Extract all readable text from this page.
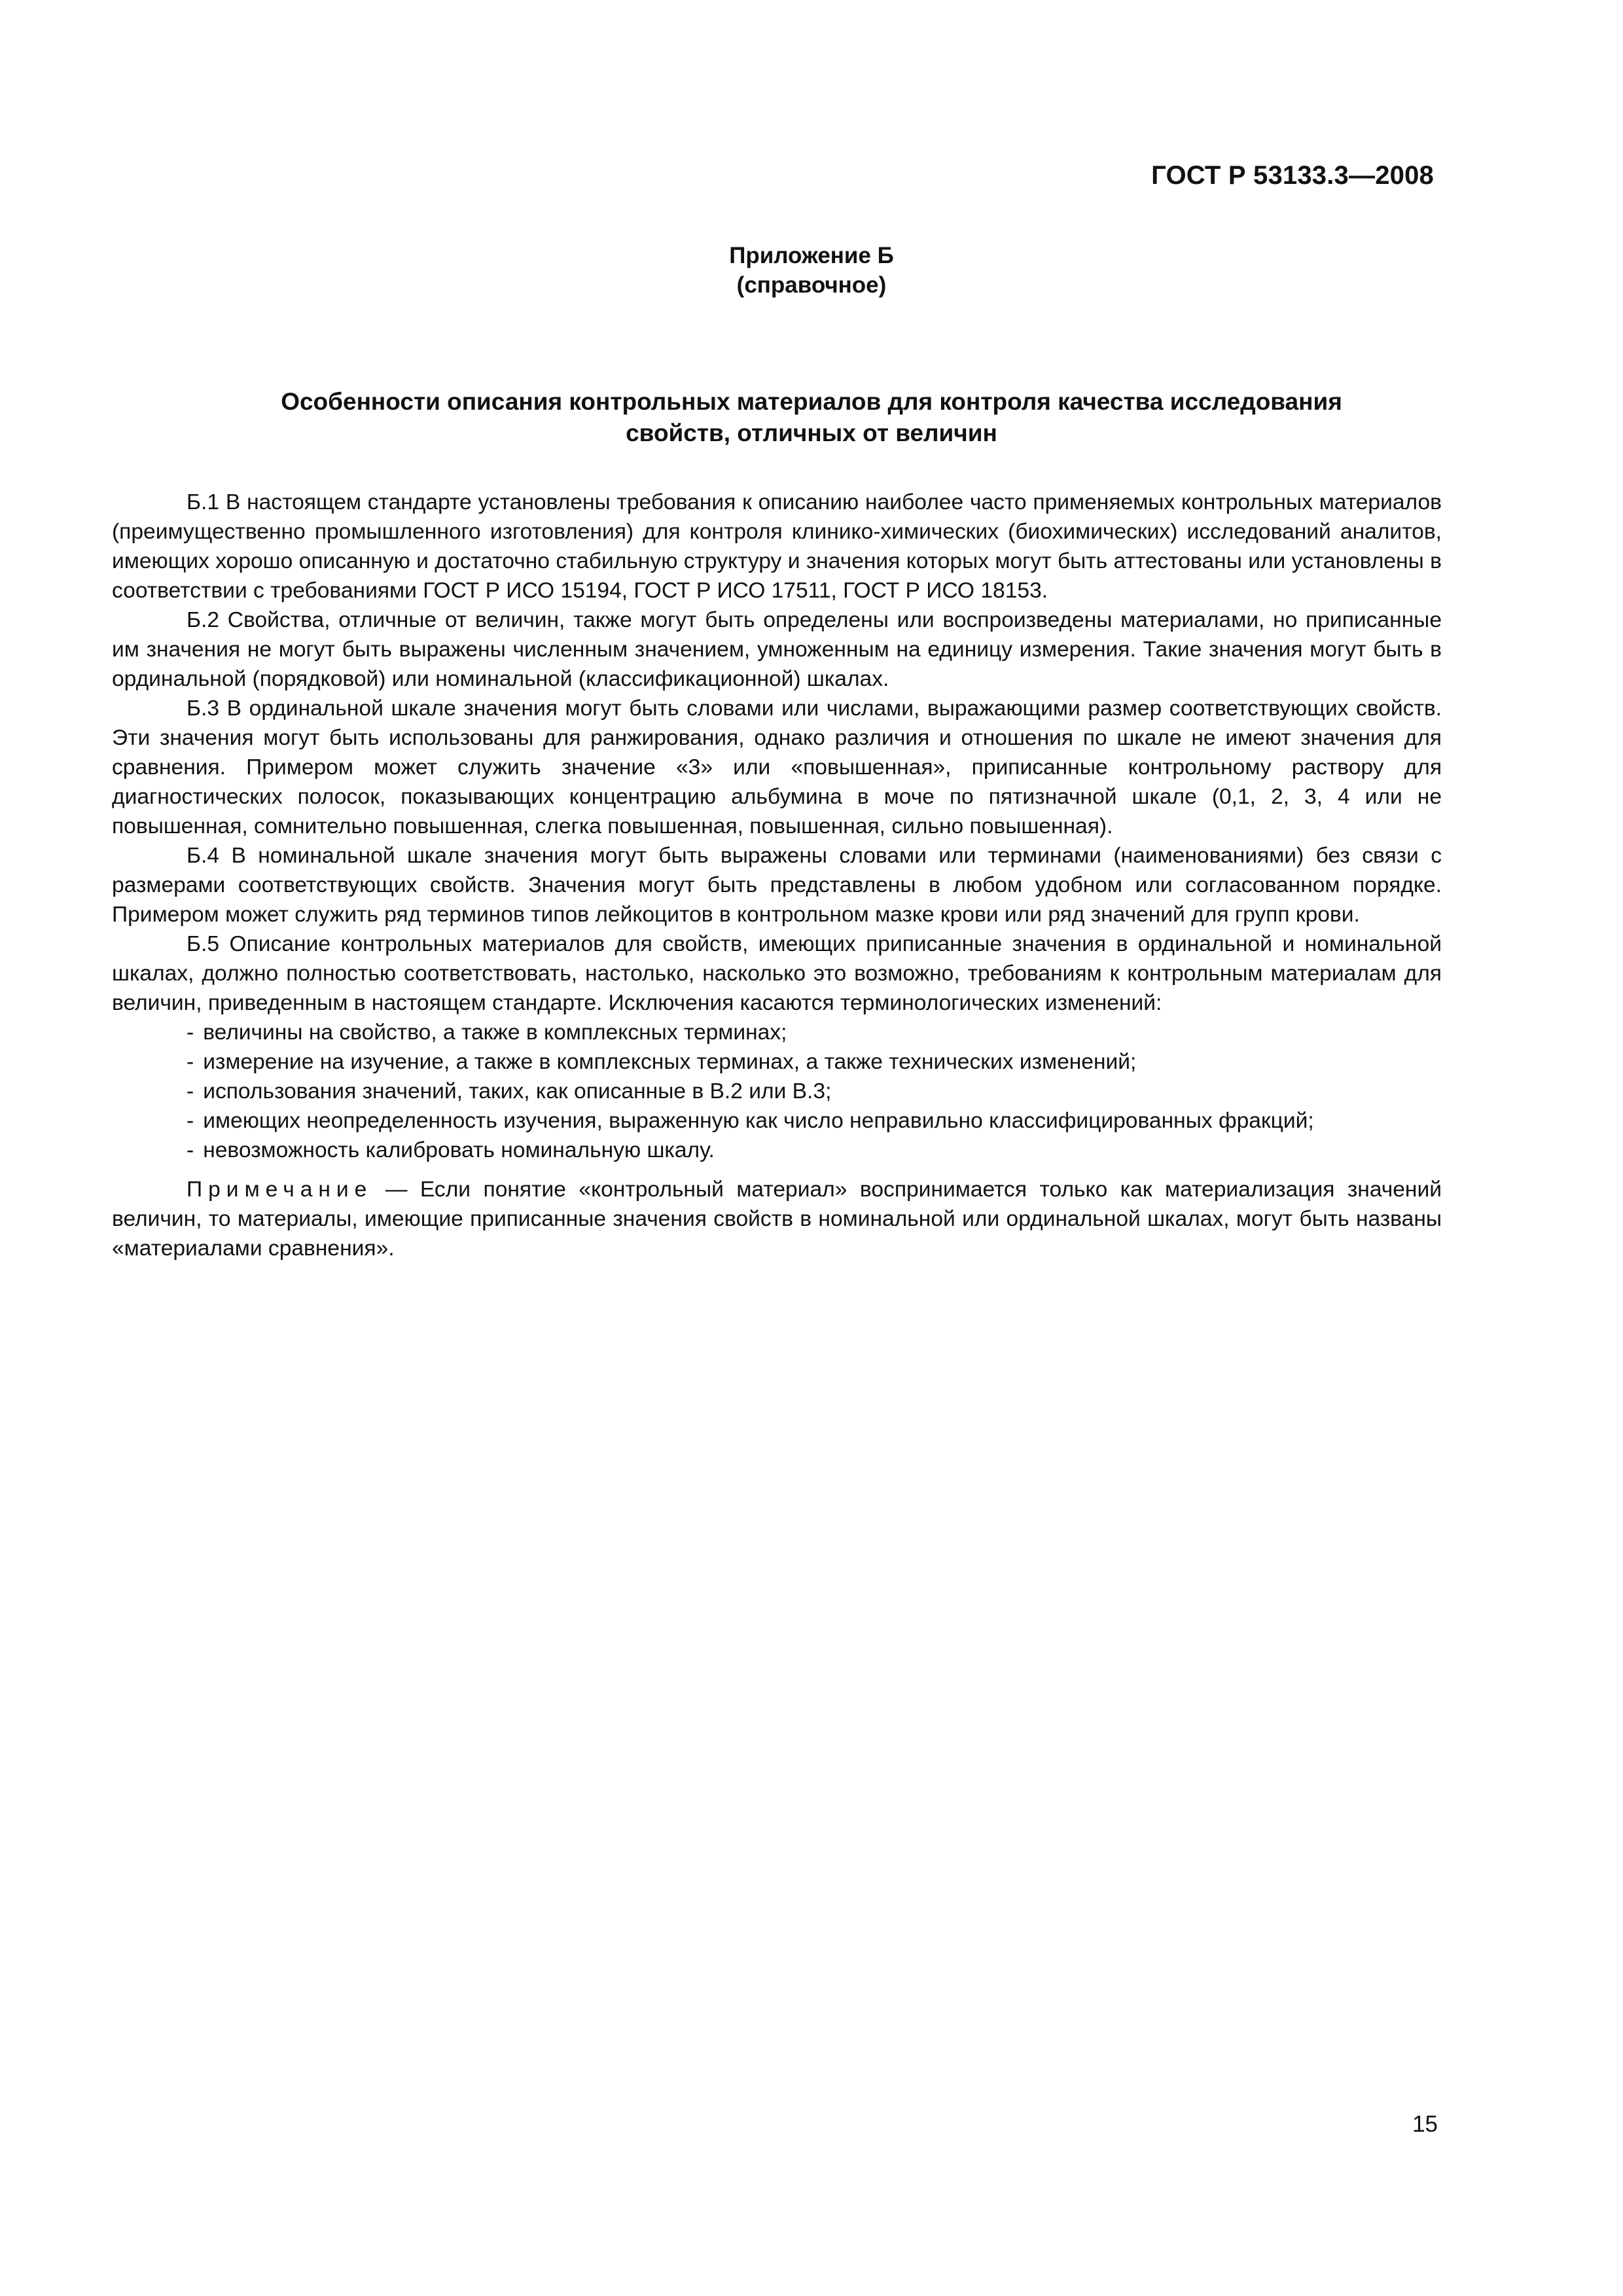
ГОСТ Р 53133.3—2008
Приложение Б
(справочное)
Особенности описания контрольных материалов для контроля качества исследования
свойств, отличных от величин

Б.1 В настоящем стандарте установлены требования к описанию наиболее часто применяемых контрольных материалов (преимущественно промышленного изготовления) для контроля клинико-химических (биохимических) исследований аналитов, имеющих хорошо описанную и достаточно стабильную структуру и значения которых могут быть аттестованы или установлены в соответствии с требованиями ГОСТ Р ИСО 15194, ГОСТ Р ИСО 17511, ГОСТ Р ИСО 18153.

Б.2 Свойства, отличные от величин, также могут быть определены или воспроизведены материалами, но приписанные им значения не могут быть выражены численным значением, умноженным на единицу измерения. Такие значения могут быть в ординальной (порядковой) или номинальной (классификационной) шкалах.

Б.3 В ординальной шкале значения могут быть словами или числами, выражающими размер соответствующих свойств. Эти значения могут быть использованы для ранжирования, однако различия и отношения по шкале не имеют значения для сравнения. Примером может служить значение «3» или «повышенная», приписанные контрольному раствору для диагностических полосок, показывающих концентрацию альбумина в моче по пятизначной шкале (0,1, 2, 3, 4 или не повышенная, сомнительно повышенная, слегка повышенная, повышенная, сильно повышенная).

Б.4 В номинальной шкале значения могут быть выражены словами или терминами (наименованиями) без связи с размерами соответствующих свойств. Значения могут быть представлены в любом удобном или согласованном порядке. Примером может служить ряд терминов типов лейкоцитов в контрольном мазке крови или ряд значений для групп крови.

Б.5 Описание контрольных материалов для свойств, имеющих приписанные значения в ординальной и номинальной шкалах, должно полностью соответствовать, настолько, насколько это возможно, требованиям к контрольным материалам для величин, приведенным в настоящем стандарте. Исключения касаются терминологических изменений:

- величины на свойство, а также в комплексных терминах;
- измерение на изучение, а также в комплексных терминах, а также технических изменений;
- использования значений, таких, как описанные в В.2 или В.3;
- имеющих неопределенность изучения, выраженную как число неправильно классифицированных фракций;
- невозможность калибровать номинальную шкалу.

Примечание — Если понятие «контрольный материал» воспринимается только как материализация значений величин, то материалы, имеющие приписанные значения свойств в номинальной или ординальной шкалах, могут быть названы «материалами сравнения».

15
